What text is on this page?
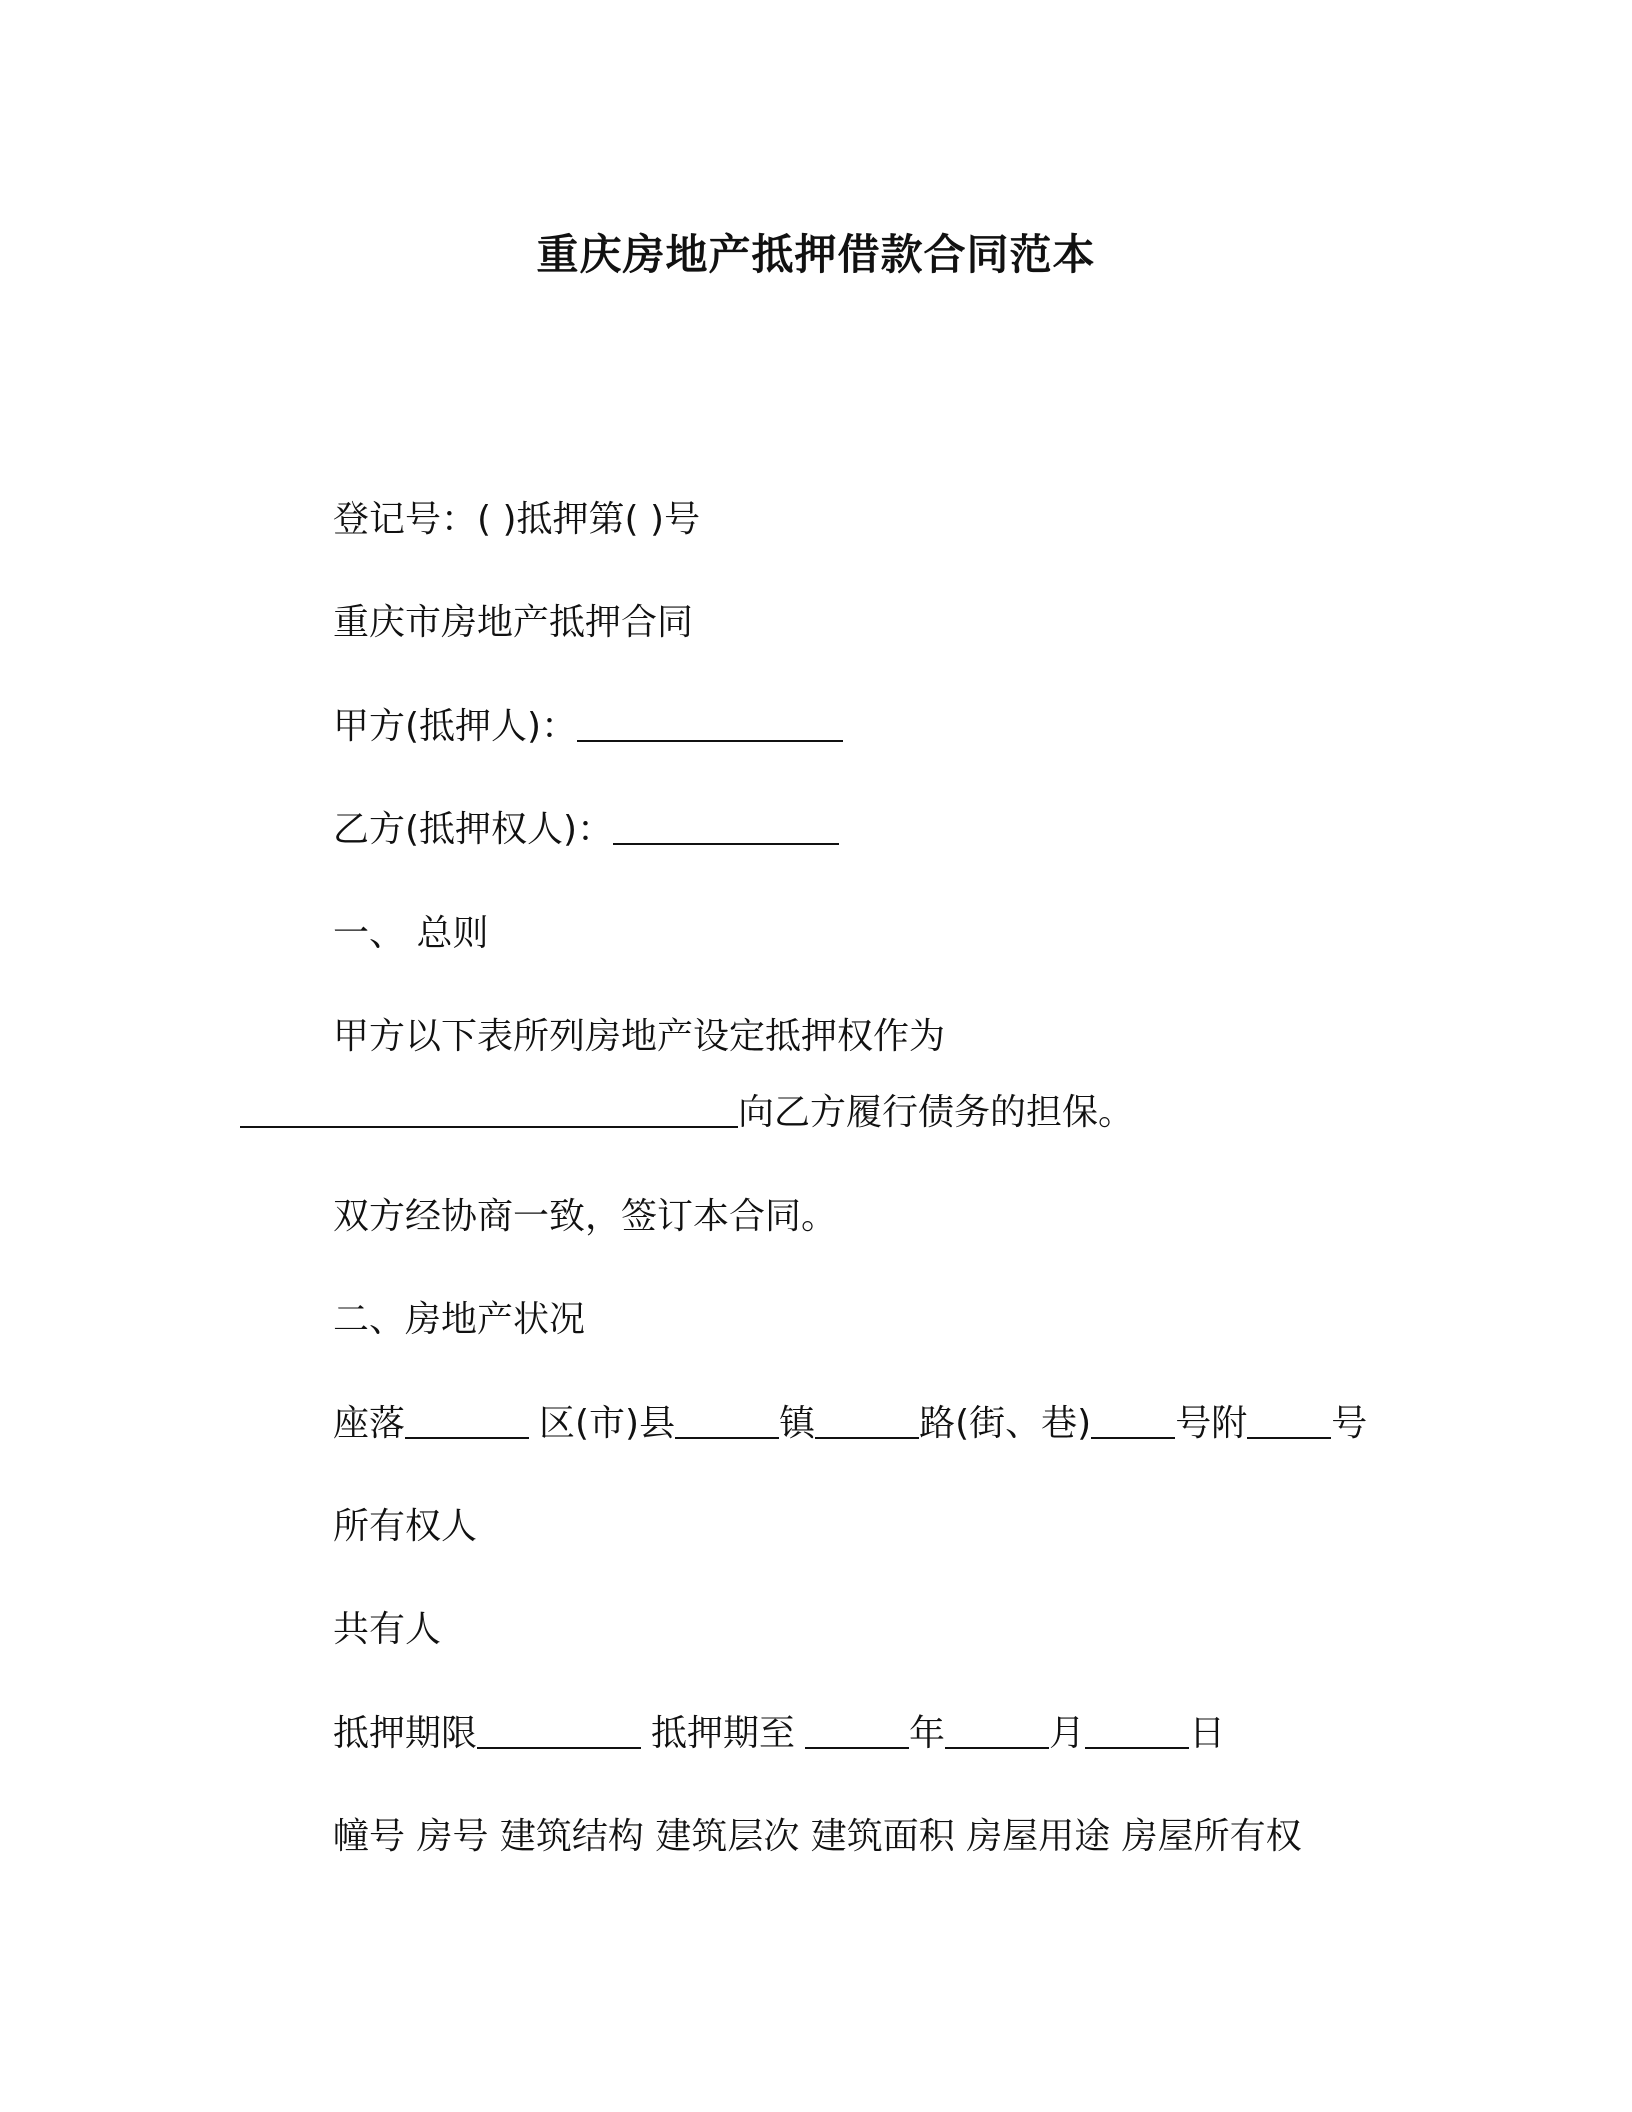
重庆房地产抵押借款合同范本
登记号：( )抵押第( )号
重庆市房地产抵押合同
甲方(抵押人)：
乙方(抵押权人)：
一、 总则
甲方以下表所列房地产设定抵押权作为
向乙方履行债务的担保。
双方经协商一致，签订本合同。
二、房地产状况
座落	区(市)县	镇	路(街、巷) 号附 号
所有权人
共有人
抵押期限	抵押期至	年	月	日
幢号 房号 建筑结构 建筑层次 建筑面积 房屋用途 房屋所有权
